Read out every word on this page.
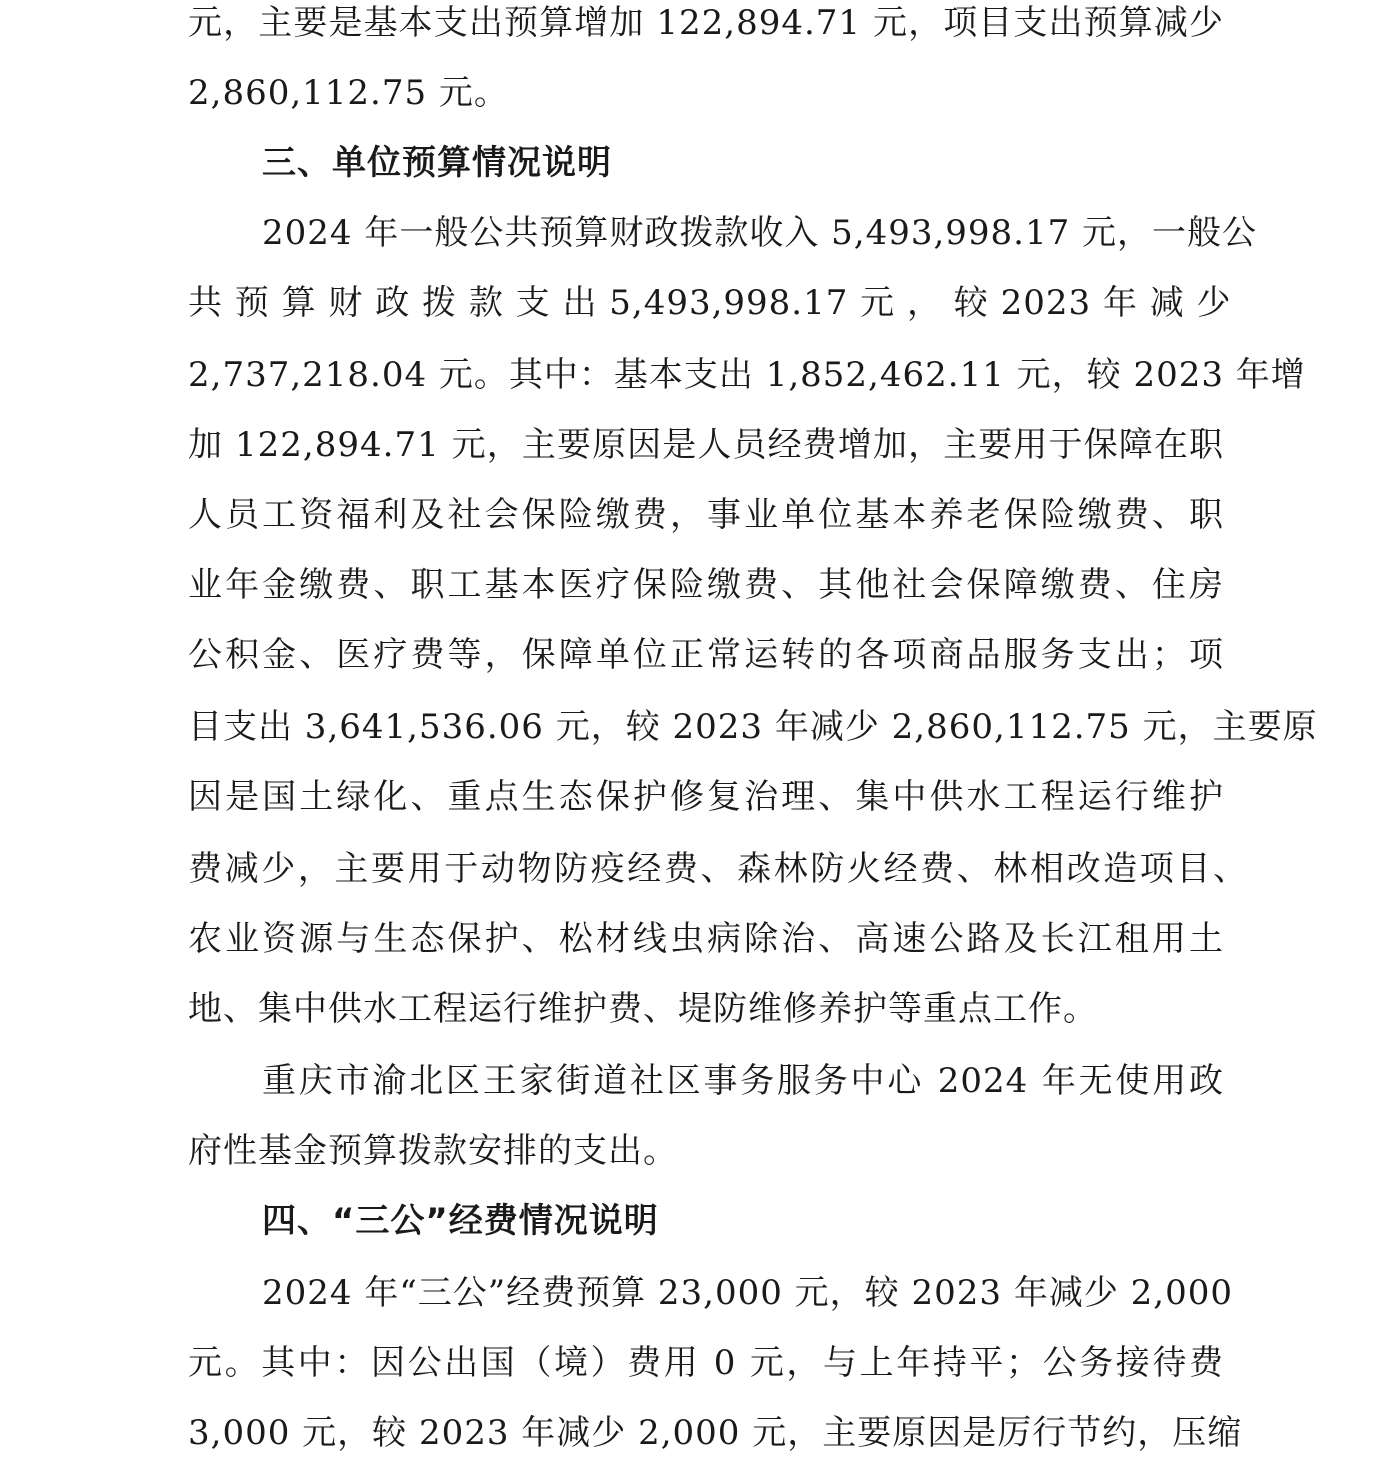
元，主要是基本支出预算增加 122,894.71 元，项目支出预算减少
2,860,112.75 元。
三、单位预算情况说明
2024 年一般公共预算财政拨款收入 5,493,998.17 元，一般公
共 预 算 财 政 拨 款 支 出 5,493,998.17 元 ， 较 2023 年 减 少
2,737,218.04 元。其中：基本支出 1,852,462.11 元，较 2023 年增
加 122,894.71 元，主要原因是人员经费增加，主要用于保障在职
人员工资福利及社会保险缴费，事业单位基本养老保险缴费、职
业年金缴费、职工基本医疗保险缴费、其他社会保障缴费、住房
公积金、医疗费等，保障单位正常运转的各项商品服务支出；项
目支出 3,641,536.06 元，较 2023 年减少 2,860,112.75 元，主要原
因是国土绿化、重点生态保护修复治理、集中供水工程运行维护
费减少，主要用于动物防疫经费、森林防火经费、林相改造项目、
农业资源与生态保护、松材线虫病除治、高速公路及长江租用土
地、集中供水工程运行维护费、堤防维修养护等重点工作。
重庆市渝北区王家街道社区事务服务中心 2024 年无使用政
府性基金预算拨款安排的支出。
四、“三公”经费情况说明
2024 年“三公”经费预算 23,000 元，较 2023 年减少 2,000
元。其中：因公出国（境）费用 0 元，与上年持平；公务接待费
3,000 元，较 2023 年减少 2,000 元，主要原因是厉行节约，压缩
